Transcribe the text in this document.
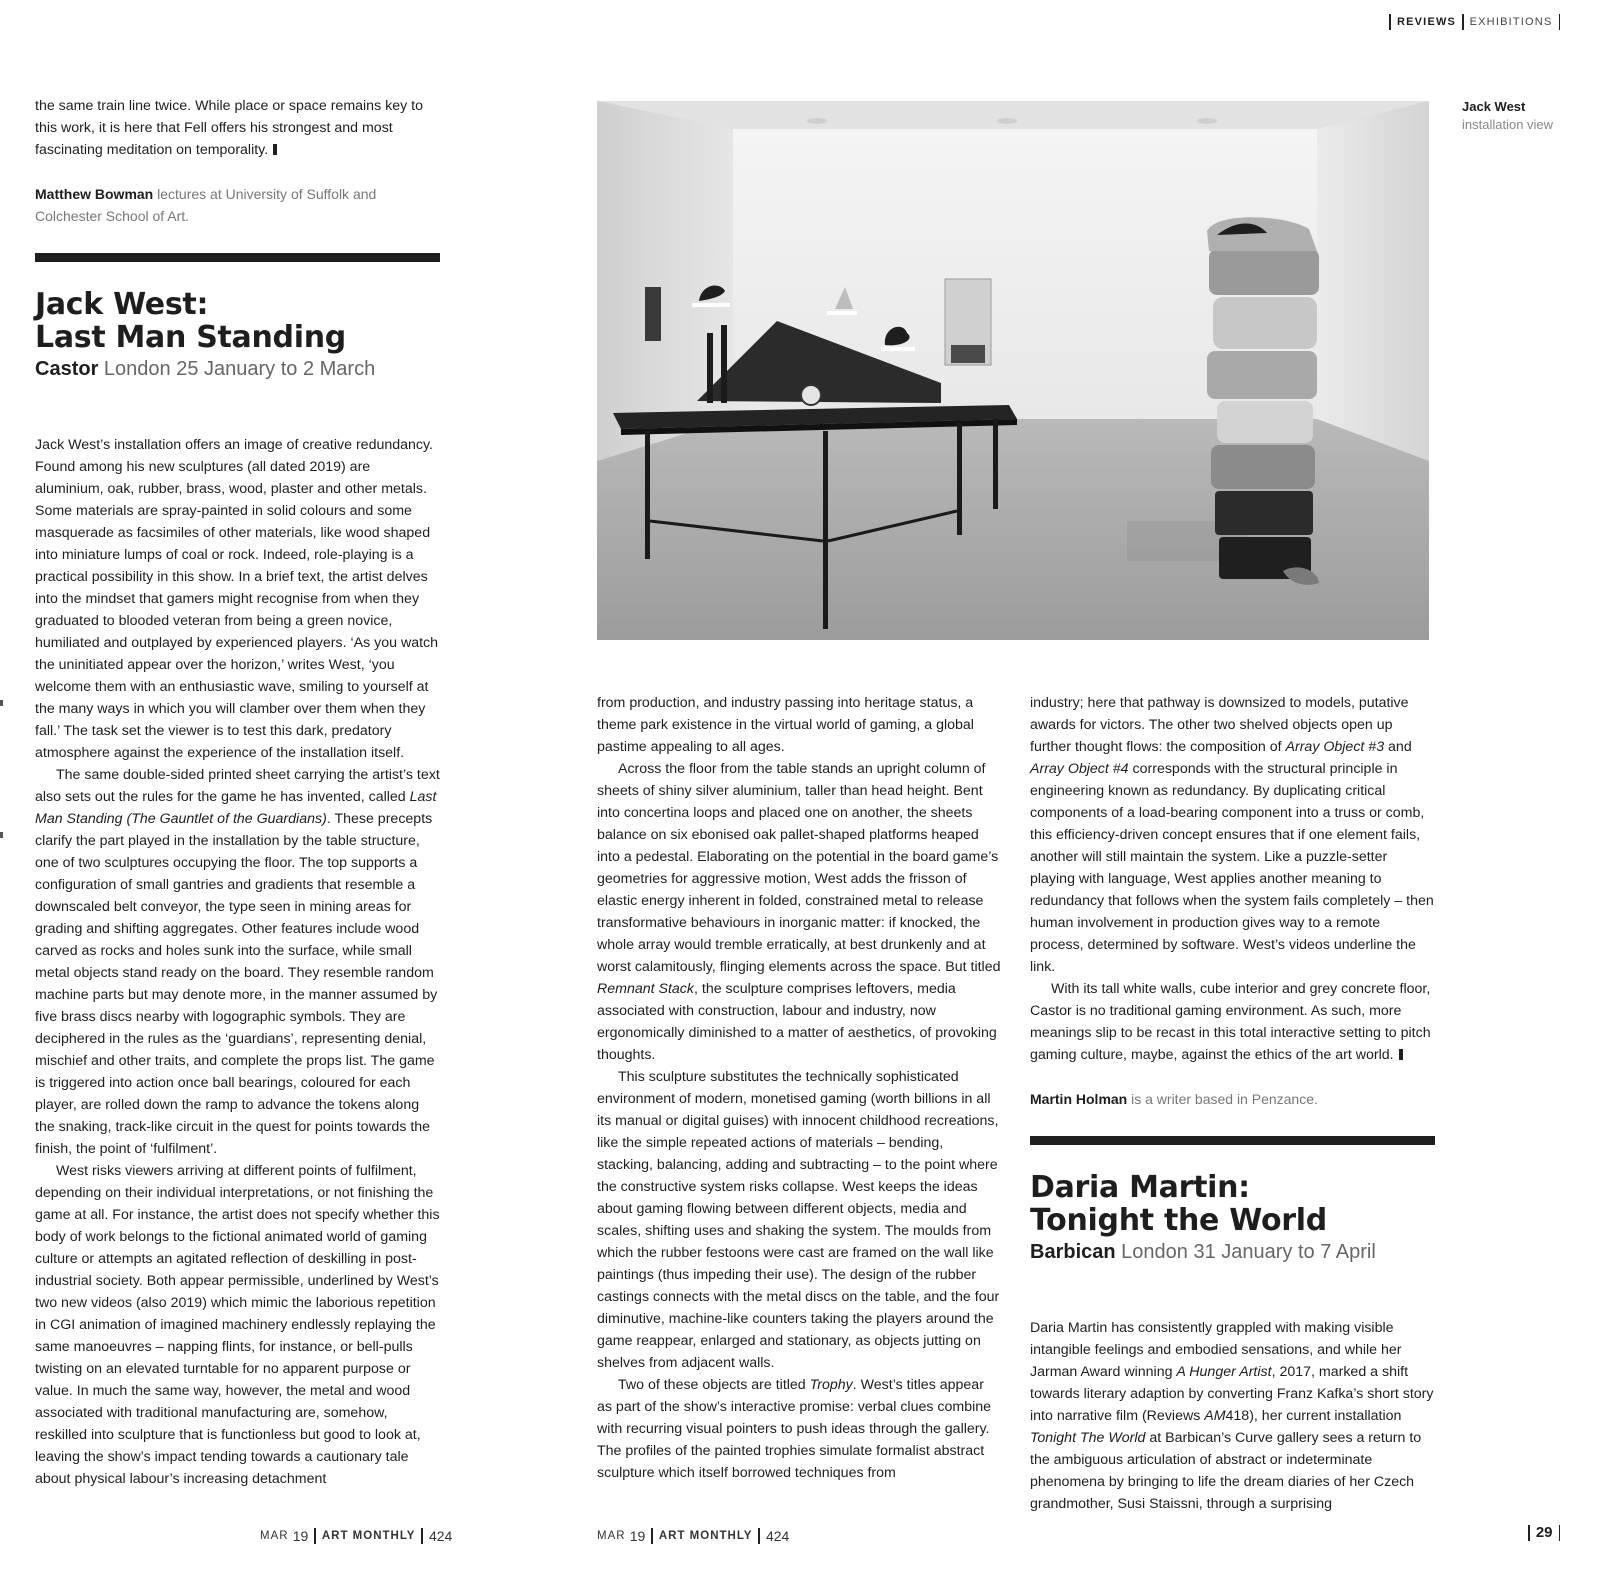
REVIEWS EXHIBITIONS

the same train line twice. While place or space remains key to this work, it is here that Fell offers his strongest and most fascinating meditation on temporality.

Matthew Bowman lectures at University of Suffolk and Colchester School of Art.
Jack West:
Last Man Standing
Castor London 25 January to 2 March

Jack West’s installation offers an image of creative redundancy. Found among his new sculptures (all dated 2019) are aluminium, oak, rubber, brass, wood, plaster and other metals. Some materials are spray-painted in solid colours and some masquerade as facsimiles of other materials, like wood shaped into miniature lumps of coal or rock. Indeed, role-playing is a practical possibility in this show. In a brief text, the artist delves into the mindset that gamers might recognise from when they graduated to blooded veteran from being a green novice, humiliated and outplayed by experienced players. ‘As you watch the uninitiated appear over the horizon,’ writes West, ‘you welcome them with an enthusiastic wave, smiling to yourself at the many ways in which you will clamber over them when they fall.’ The task set the viewer is to test this dark, predatory atmosphere against the experience of the installation itself.

The same double-sided printed sheet carrying the artist’s text also sets out the rules for the game he has invented, called Last Man Standing (The Gauntlet of the Guardians). These precepts clarify the part played in the installation by the table structure, one of two sculptures occupying the floor. The top supports a configuration of small gantries and gradients that resemble a downscaled belt conveyor, the type seen in mining areas for grading and shifting aggregates. Other features include wood carved as rocks and holes sunk into the surface, while small metal objects stand ready on the board. They resemble random machine parts but may denote more, in the manner assumed by five brass discs nearby with logographic symbols. They are deciphered in the rules as the ‘guardians’, representing denial, mischief and other traits, and complete the props list. The game is triggered into action once ball bearings, coloured for each player, are rolled down the ramp to advance the tokens along the snaking, track-like circuit in the quest for points towards the finish, the point of ‘fulfilment’.

West risks viewers arriving at different points of fulfilment, depending on their individual interpretations, or not finishing the game at all. For instance, the artist does not specify whether this body of work belongs to the fictional animated world of gaming culture or attempts an agitated reflection of deskilling in post-industrial society. Both appear permissible, underlined by West’s two new videos (also 2019) which mimic the laborious repetition in CGI animation of imagined machinery endlessly replaying the same manoeuvres – napping flints, for instance, or bell-pulls twisting on an elevated turntable for no apparent purpose or value. In much the same way, however, the metal and wood associated with traditional manufacturing are, somehow, reskilled into sculpture that is functionless but good to look at, leaving the show’s impact tending towards a cautionary tale about physical labour’s increasing detachment

Jack West
installation view

from production, and industry passing into heritage status, a theme park existence in the virtual world of gaming, a global pastime appealing to all ages.

Across the floor from the table stands an upright column of sheets of shiny silver aluminium, taller than head height. Bent into concertina loops and placed one on another, the sheets balance on six ebonised oak pallet-shaped platforms heaped into a pedestal. Elaborating on the potential in the board game’s geometries for aggressive motion, West adds the frisson of elastic energy inherent in folded, constrained metal to release transformative behaviours in inorganic matter: if knocked, the whole array would tremble erratically, at best drunkenly and at worst calamitously, flinging elements across the space. But titled Remnant Stack, the sculpture comprises leftovers, media associated with construction, labour and industry, now ergonomically diminished to a matter of aesthetics, of provoking thoughts.

This sculpture substitutes the technically sophisticated environment of modern, monetised gaming (worth billions in all its manual or digital guises) with innocent childhood recreations, like the simple repeated actions of materials – bending, stacking, balancing, adding and subtracting – to the point where the constructive system risks collapse. West keeps the ideas about gaming flowing between different objects, media and scales, shifting uses and shaking the system. The moulds from which the rubber festoons were cast are framed on the wall like paintings (thus impeding their use). The design of the rubber castings connects with the metal discs on the table, and the four diminutive, machine-like counters taking the players around the game reappear, enlarged and stationary, as objects jutting on shelves from adjacent walls.

Two of these objects are titled Trophy. West’s titles appear as part of the show’s interactive promise: verbal clues combine with recurring visual pointers to push ideas through the gallery. The profiles of the painted trophies simulate formalist abstract sculpture which itself borrowed techniques from

industry; here that pathway is downsized to models, putative awards for victors. The other two shelved objects open up further thought flows: the composition of Array Object #3 and Array Object #4 corresponds with the structural principle in engineering known as redundancy. By duplicating critical components of a load-bearing component into a truss or comb, this efficiency-driven concept ensures that if one element fails, another will still maintain the system. Like a puzzle-setter playing with language, West applies another meaning to redundancy that follows when the system fails completely – then human involvement in production gives way to a remote process, determined by software. West’s videos underline the link.

With its tall white walls, cube interior and grey concrete floor, Castor is no traditional gaming environment. As such, more meanings slip to be recast in this total interactive setting to pitch gaming culture, maybe, against the ethics of the art world.

Martin Holman is a writer based in Penzance.
Daria Martin:
Tonight the World
Barbican London 31 January to 7 April

Daria Martin has consistently grappled with making visible intangible feelings and embodied sensations, and while her Jarman Award winning A Hunger Artist, 2017, marked a shift towards literary adaption by converting Franz Kafka’s short story into narrative film (Reviews AM418), her current installation Tonight The World at Barbican’s Curve gallery sees a return to the ambiguous articulation of abstract or indeterminate phenomena by bringing to life the dream diaries of her Czech grandmother, Susi Staissni, through a surprising

MAR
19 ART MONTHLY 424	MAR
19 ART MONTHLY 424	29
